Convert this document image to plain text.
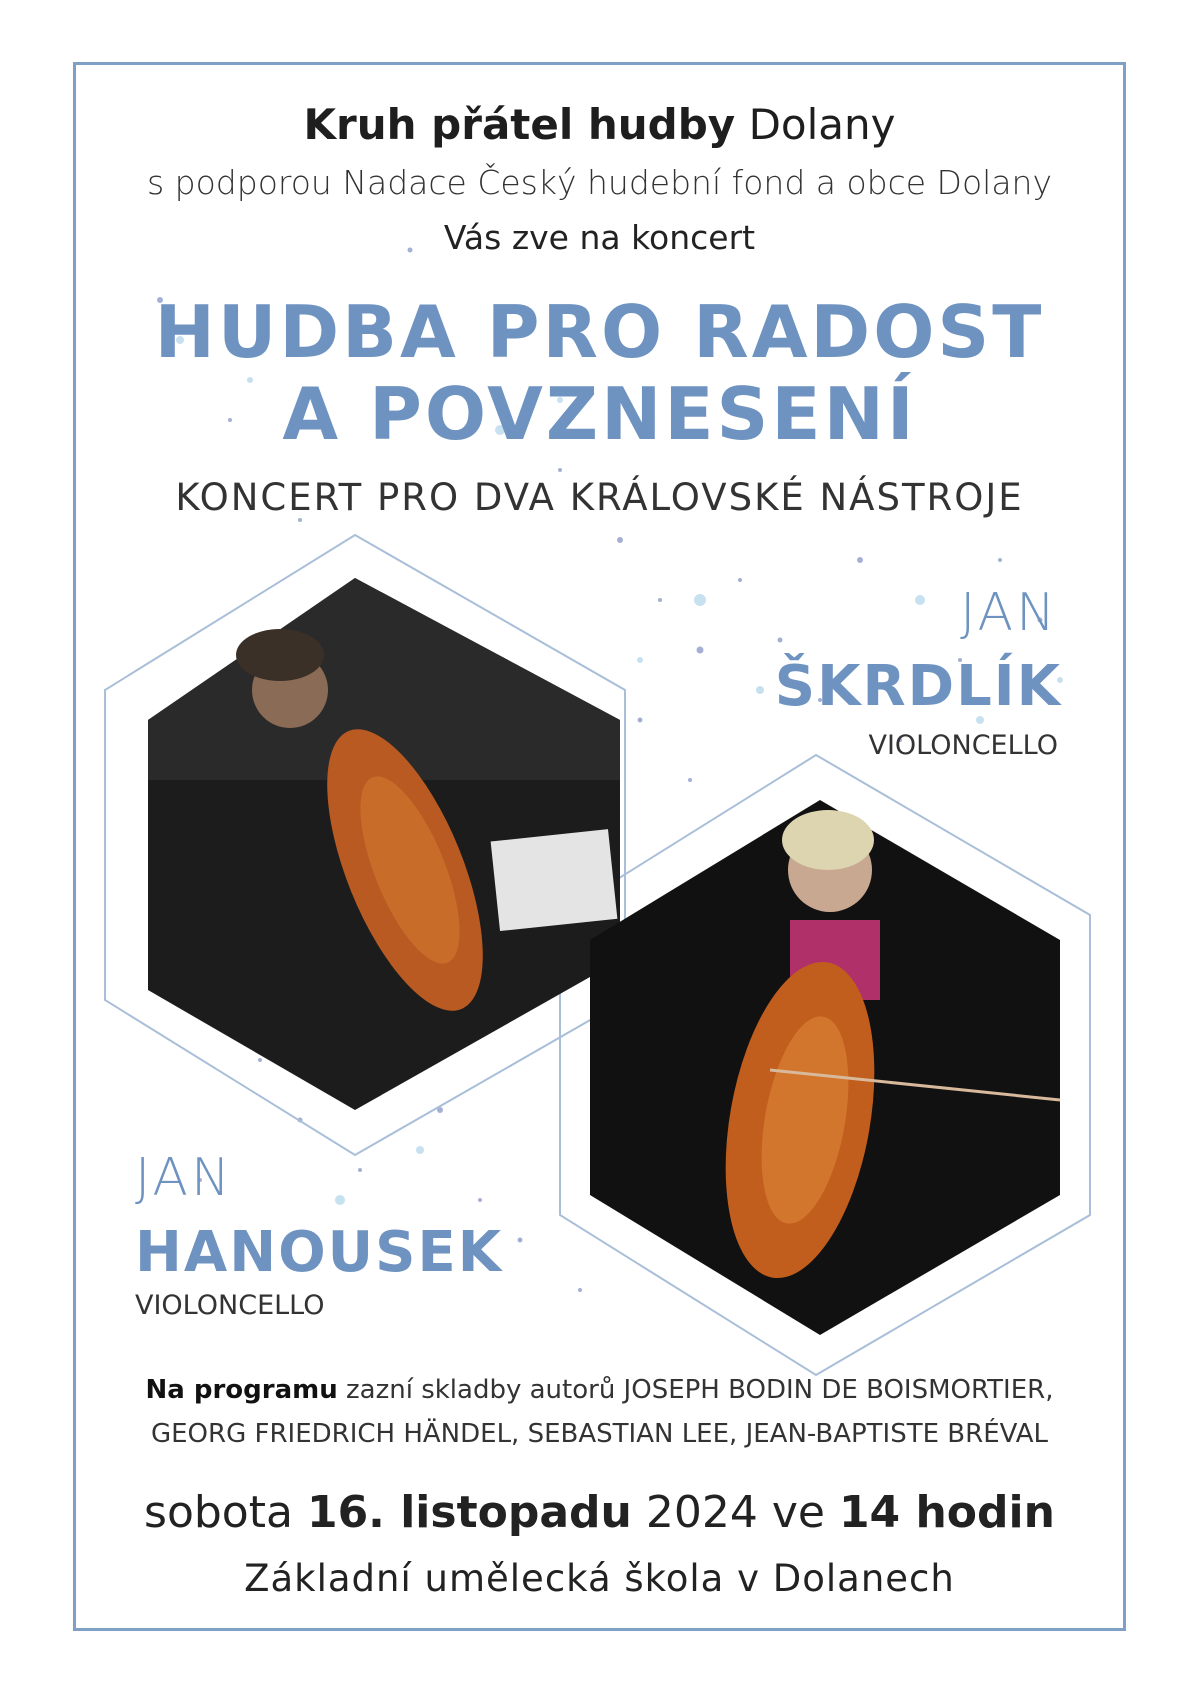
Kruh přátel hudby Dolany
s podporou Nadace Český hudební fond a obce Dolany
Vás zve na koncert
HUDBA PRO RADOST
A POVZNESENÍ
KONCERT PRO DVA KRÁLOVSKÉ NÁSTROJE
JAN
ŠKRDLÍK
VIOLONCELLO
JAN
HANOUSEK
VIOLONCELLO
Na programu zazní skladby autorů JOSEPH BODIN DE BOISMORTIER,
GEORG FRIEDRICH HÄNDEL, SEBASTIAN LEE, JEAN-BAPTISTE BRÉVAL
sobota 16. listopadu 2024 ve 14 hodin
Základní umělecká škola v Dolanech
